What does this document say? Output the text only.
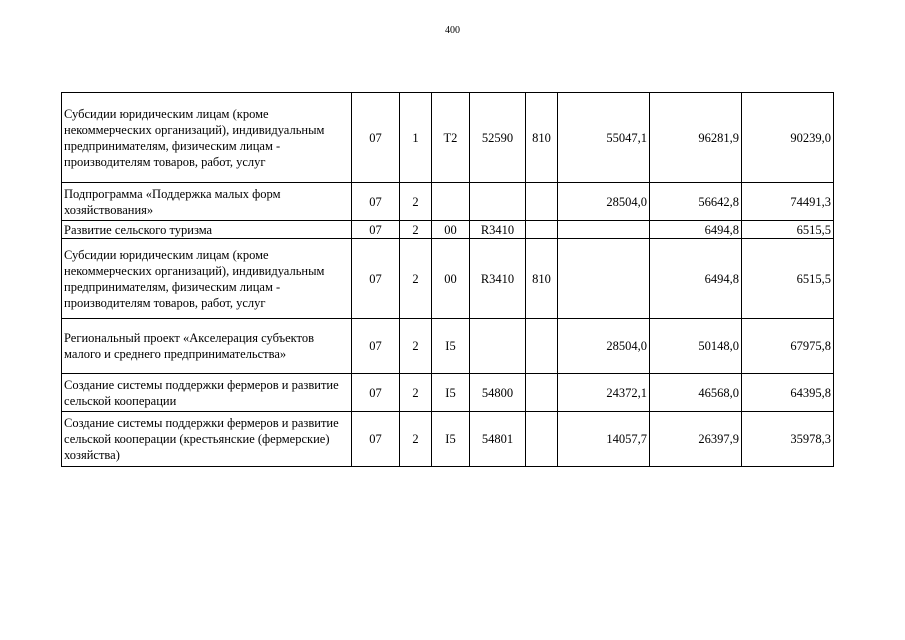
400
Субсидии юридическим лицам (кроме некоммерческих организаций), индивидуальным предпринимателям, физическим лицам - производителям товаров, работ, услуг	07	1	Т2	52590	810	55047,1	96281,9	90239,0
Подпрограмма «Поддержка малых форм хозяйствования»	07	2				28504,0	56642,8	74491,3
Развитие сельского туризма	07	2	00	R3410			6494,8	6515,5
Субсидии юридическим лицам (кроме некоммерческих организаций), индивидуальным предпринимателям, физическим лицам - производителям товаров, работ, услуг	07	2	00	R3410	810		6494,8	6515,5
Региональный проект «Акселерация субъектов малого и среднего предпринимательства»	07	2	I5			28504,0	50148,0	67975,8
Создание системы поддержки фермеров и развитие сельской кооперации	07	2	I5	54800		24372,1	46568,0	64395,8
Создание системы поддержки фермеров и развитие сельской кооперации (крестьянские (фермерские) хозяйства)	07	2	I5	54801		14057,7	26397,9	35978,3
